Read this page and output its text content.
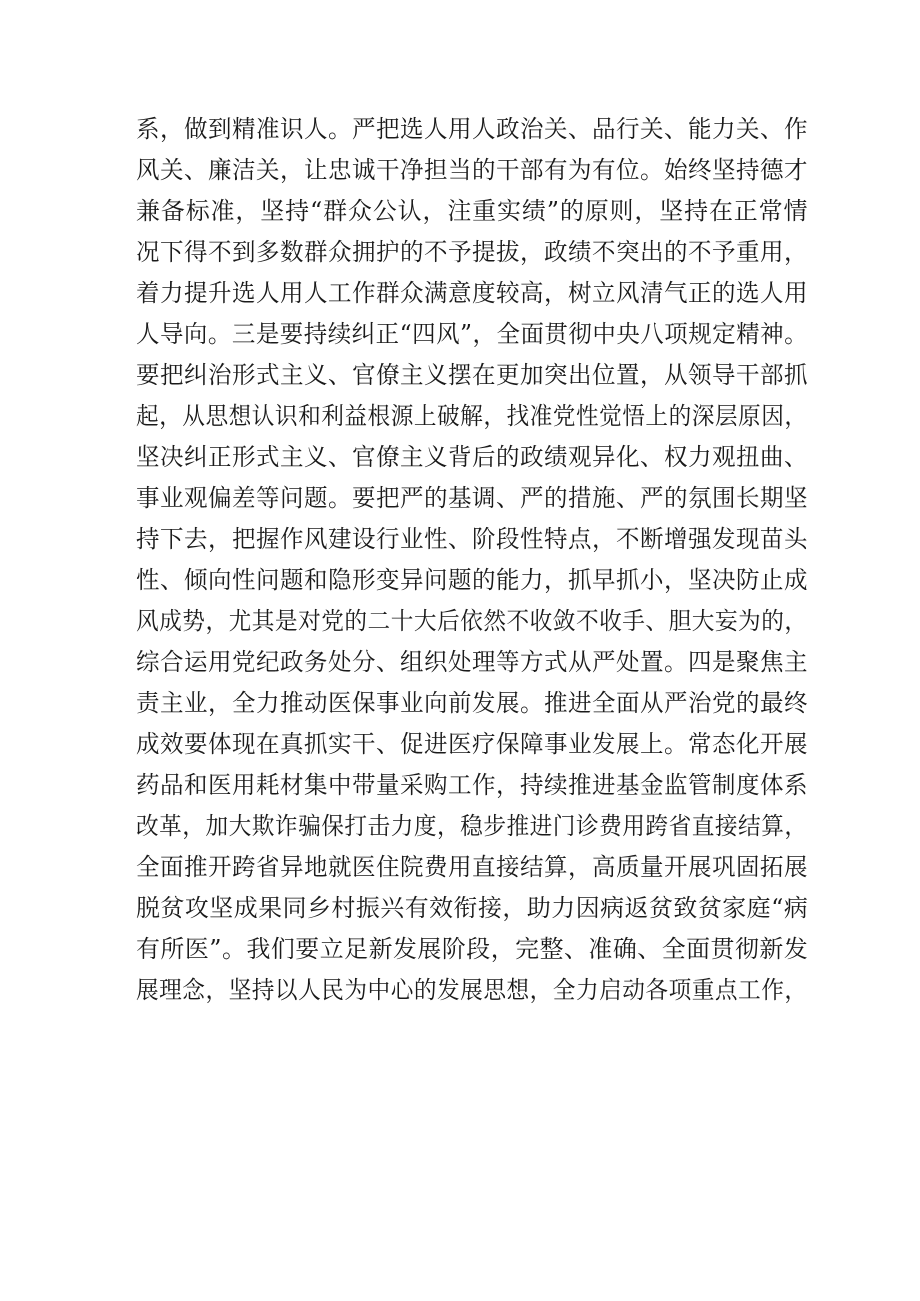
系，做到精准识人。严把选人用人政治关、品行关、能力关、作
风关、廉洁关，让忠诚干净担当的干部有为有位。始终坚持德才
兼备标准，坚持“群众公认，注重实绩”的原则，坚持在正常情
况下得不到多数群众拥护的不予提拔，政绩不突出的不予重用，
着力提升选人用人工作群众满意度较高，树立风清气正的选人用
人导向。三是要持续纠正“四风”，全面贯彻中央八项规定精神。
要把纠治形式主义、官僚主义摆在更加突出位置，从领导干部抓
起，从思想认识和利益根源上破解，找准党性觉悟上的深层原因，
坚决纠正形式主义、官僚主义背后的政绩观异化、权力观扭曲、
事业观偏差等问题。要把严的基调、严的措施、严的氛围长期坚
持下去，把握作风建设行业性、阶段性特点，不断增强发现苗头
性、倾向性问题和隐形变异问题的能力，抓早抓小，坚决防止成
风成势，尤其是对党的二十大后依然不收敛不收手、胆大妄为的，
综合运用党纪政务处分、组织处理等方式从严处置。四是聚焦主
责主业，全力推动医保事业向前发展。推进全面从严治党的最终
成效要体现在真抓实干、促进医疗保障事业发展上。常态化开展
药品和医用耗材集中带量采购工作，持续推进基金监管制度体系
改革，加大欺诈骗保打击力度，稳步推进门诊费用跨省直接结算，
全面推开跨省异地就医住院费用直接结算，高质量开展巩固拓展
脱贫攻坚成果同乡村振兴有效衔接，助力因病返贫致贫家庭“病
有所医”。我们要立足新发展阶段，完整、准确、全面贯彻新发
展理念，坚持以人民为中心的发展思想，全力启动各项重点工作，
